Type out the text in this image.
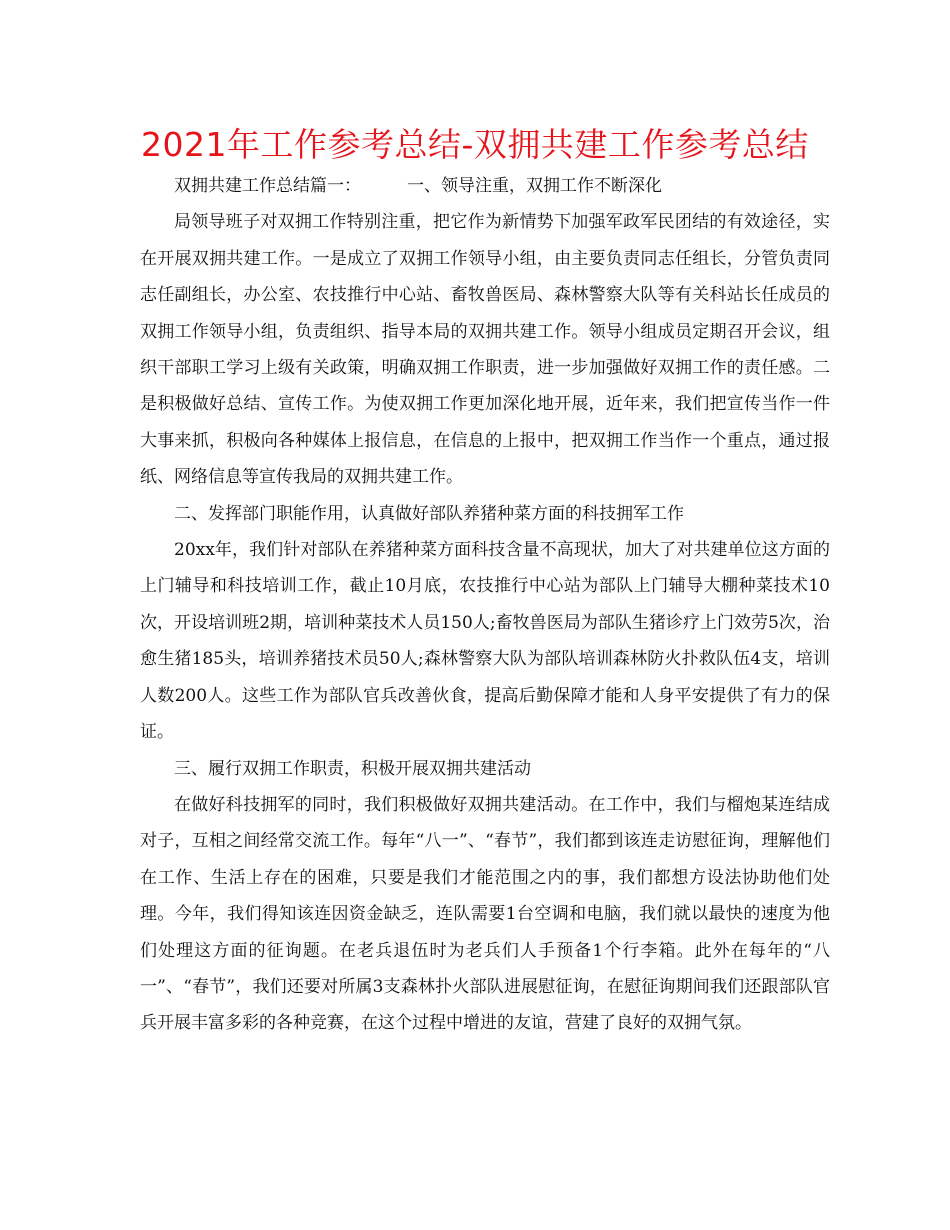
2021年工作参考总结-双拥共建工作参考总结

双拥共建工作总结篇一：	一、领导注重，双拥工作不断深化

局领导班子对双拥工作特别注重，把它作为新情势下加强军政军民团结的有效途径，实在开展双拥共建工作。一是成立了双拥工作领导小组，由主要负责同志任组长，分管负责同志任副组长，办公室、农技推行中心站、畜牧兽医局、森林警察大队等有关科站长任成员的双拥工作领导小组，负责组织、指导本局的双拥共建工作。领导小组成员定期召开会议，组织干部职工学习上级有关政策，明确双拥工作职责，进一步加强做好双拥工作的责任感。二是积极做好总结、宣传工作。为使双拥工作更加深化地开展，近年来，我们把宣传当作一件大事来抓，积极向各种媒体上报信息，在信息的上报中，把双拥工作当作一个重点，通过报纸、网络信息等宣传我局的双拥共建工作。

二、发挥部门职能作用，认真做好部队养猪种菜方面的科技拥军工作

20xx年，我们针对部队在养猪种菜方面科技含量不高现状，加大了对共建单位这方面的上门辅导和科技培训工作，截止10月底，农技推行中心站为部队上门辅导大棚种菜技术10次，开设培训班2期，培训种菜技术人员150人;畜牧兽医局为部队生猪诊疗上门效劳5次，治愈生猪185头，培训养猪技术员50人;森林警察大队为部队培训森林防火扑救队伍4支，培训人数200人。这些工作为部队官兵改善伙食，提高后勤保障才能和人身平安提供了有力的保证。

三、履行双拥工作职责，积极开展双拥共建活动

在做好科技拥军的同时，我们积极做好双拥共建活动。在工作中，我们与榴炮某连结成对子，互相之间经常交流工作。每年“八一”、“春节”，我们都到该连走访慰征询，理解他们在工作、生活上存在的困难，只要是我们才能范围之内的事，我们都想方设法协助他们处理。今年，我们得知该连因资金缺乏，连队需要1台空调和电脑，我们就以最快的速度为他们处理这方面的征询题。在老兵退伍时为老兵们人手预备1个行李箱。此外在每年的“八一”、“春节”，我们还要对所属3支森林扑火部队进展慰征询，在慰征询期间我们还跟部队官兵开展丰富多彩的各种竞赛，在这个过程中增进的友谊，营建了良好的双拥气氛。
